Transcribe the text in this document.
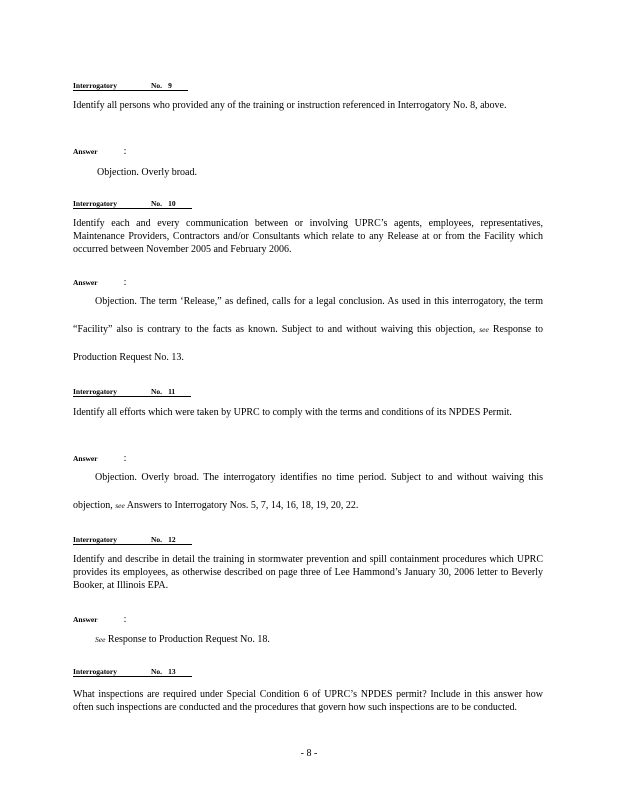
Interrogatory	No. 9

Identify all persons who provided any of the training or instruction referenced in Interrogatory No. 8, above.

Answer	:

Objection. Overly broad.

Interrogatory	No. 10

Identify each and every communication between or involving UPRC’s agents, employees, representatives, Maintenance Providers, Contractors and/or Consultants which relate to any Release at or from the Facility which occurred between November 2005 and February 2006.

Answer	:

Objection. The term ‘Release,” as defined, calls for a legal conclusion. As used in this interrogatory, the term “Facility” also is contrary to the facts as known. Subject to and without waiving this objection, see Response to Production Request No. 13.

Interrogatory	No. 11

Identify all efforts which were taken by UPRC to comply with the terms and conditions of its NPDES Permit.

Answer	:

Objection. Overly broad. The interrogatory identifies no time period. Subject to and without waiving this objection, see Answers to Interrogatory Nos. 5, 7, 14, 16, 18, 19, 20, 22.

Interrogatory	No. 12

Identify and describe in detail the training in stormwater prevention and spill containment procedures which UPRC provides its employees, as otherwise described on page three of Lee Hammond’s January 30, 2006 letter to Beverly Booker, at Illinois EPA.

Answer	:

See Response to Production Request No. 18.

Interrogatory	No. 13

What inspections are required under Special Condition 6 of UPRC’s NPDES permit? Include in this answer how often such inspections are conducted and the procedures that govern how such inspections are to be conducted.

- 8 -
